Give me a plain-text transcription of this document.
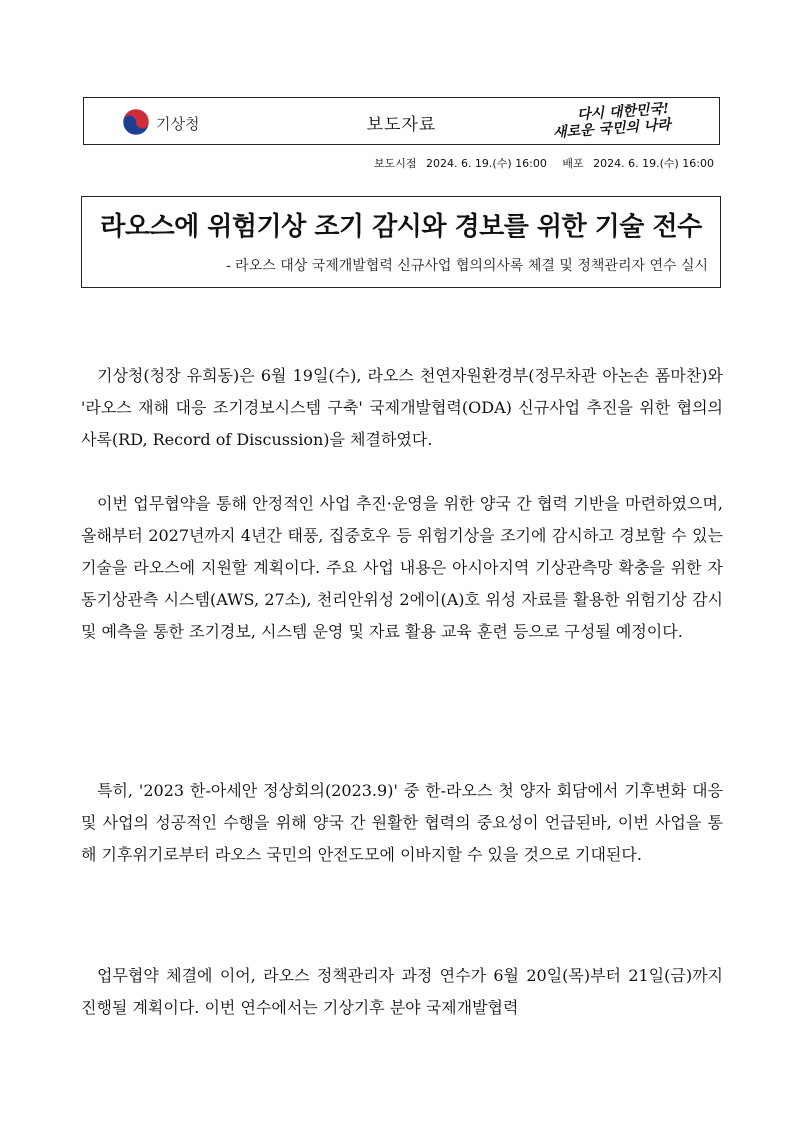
기상청	보도자료
다시 대한민국!
새로운 국민의 나라
보도시점 2024. 6. 19.(수) 16:00 배포 2024. 6. 19.(수) 16:00
라오스에 위험기상 조기 감시와 경보를 위한 기술 전수
- 라오스 대상 국제개발협력 신규사업 협의의사록 체결 및 정책관리자 연수 실시

기상청(청장 유희동)은 6월 19일(수), 라오스 천연자원환경부(정무차관 아논손 폼마찬)와 '라오스 재해 대응 조기경보시스템 구축' 국제개발협력(ODA) 신규사업 추진을 위한 협의의사록(RD, Record of Discussion)을 체결하였다.

이번 업무협약을 통해 안정적인 사업 추진·운영을 위한 양국 간 협력 기반을 마련하였으며, 올해부터 2027년까지 4년간 태풍, 집중호우 등 위험기상을 조기에 감시하고 경보할 수 있는 기술을 라오스에 지원할 계획이다. 주요 사업 내용은 아시아지역 기상관측망 확충을 위한 자동기상관측 시스템(AWS, 27소), 천리안위성 2에이(A)호 위성 자료를 활용한 위험기상 감시 및 예측을 통한 조기경보, 시스템 운영 및 자료 활용 교육 훈련 등으로 구성될 예정이다.

특히, '2023 한-아세안 정상회의(2023.9)' 중 한-라오스 첫 양자 회담에서 기후변화 대응 및 사업의 성공적인 수행을 위해 양국 간 원활한 협력의 중요성이 언급된바, 이번 사업을 통해 기후위기로부터 라오스 국민의 안전도모에 이바지할 수 있을 것으로 기대된다.

업무협약 체결에 이어, 라오스 정책관리자 과정 연수가 6월 20일(목)부터 21일(금)까지 진행될 계획이다. 이번 연수에서는 기상기후 분야 국제개발협력
